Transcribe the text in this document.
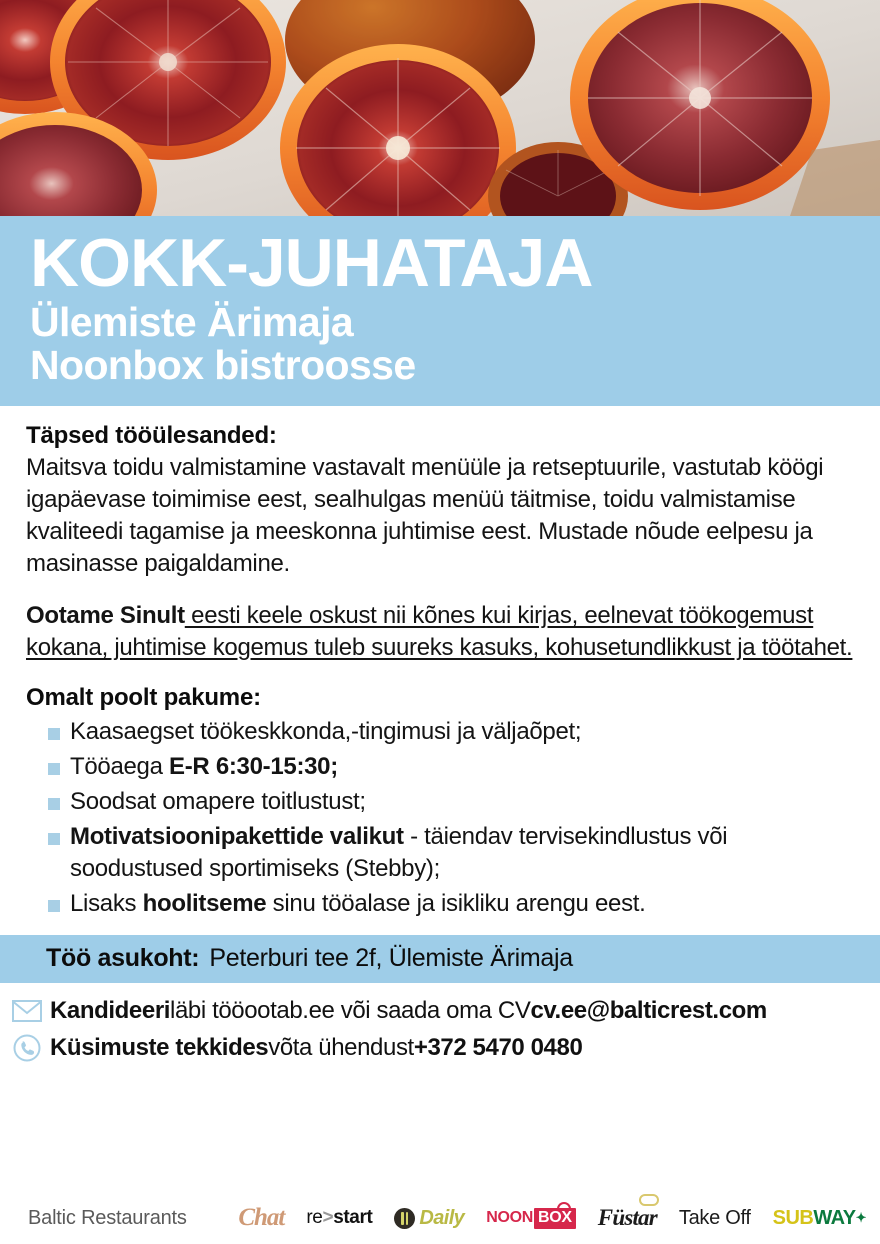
KOKK-JUHATAJA
Ülemiste Ärimaja
Noonbox bistroosse
Täpsed tööülesanded:
Maitsva toidu valmistamine vastavalt menüüle ja retseptuurile, vastutab köögi igapäevase toimimise eest, sealhulgas menüü täitmise, toidu valmistamise kvaliteedi tagamise ja meeskonna juhtimise eest. Mustade nõude eelpesu ja masinasse paigaldamine.
Ootame Sinult eesti keele oskust nii kõnes kui kirjas, eelnevat töökogemust kokana, juhtimise kogemus tuleb suureks kasuks, kohusetundlikkust ja töötahet.
Omalt poolt pakume:
Kaasaegset töökeskkonda,-tingimusi ja väljaõpet;
Tööaega E-R 6:30-15:30;
Soodsat omapere toitlustust;
Motivatsioonipakettide valikut - täiendav tervisekindlustus või soodustused sportimiseks (Stebby);
Lisaks hoolitseme sinu tööalase ja isikliku arengu eest.
Töö asukoht: Peterburi tee 2f, Ülemiste Ärimaja
Kandideeri läbi tööootab.ee või saada oma CV cv.ee@balticrest.com
Küsimuste tekkides võta ühendust +372 5470 0480
Baltic Restaurants Chat re>start Daily NOON BOX Füstar Take Off SUB WAY ✦
